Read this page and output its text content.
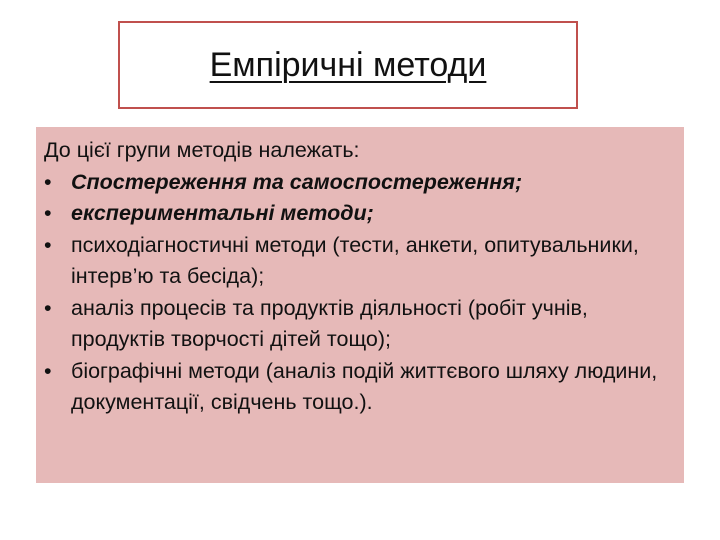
Емпіричні методи
До цієї групи методів належать:
• Спостереження та самоспостереження;
• експериментальні методи;
• психодіагностичні методи (тести, анкети, опитувальники, інтерв’ю та бесіда);
• аналіз процесів та продуктів діяльності (робіт учнів, продуктів творчості дітей тощо);
• біографічні методи (аналіз подій життєвого шляху людини, документації, свідчень тощо.).
